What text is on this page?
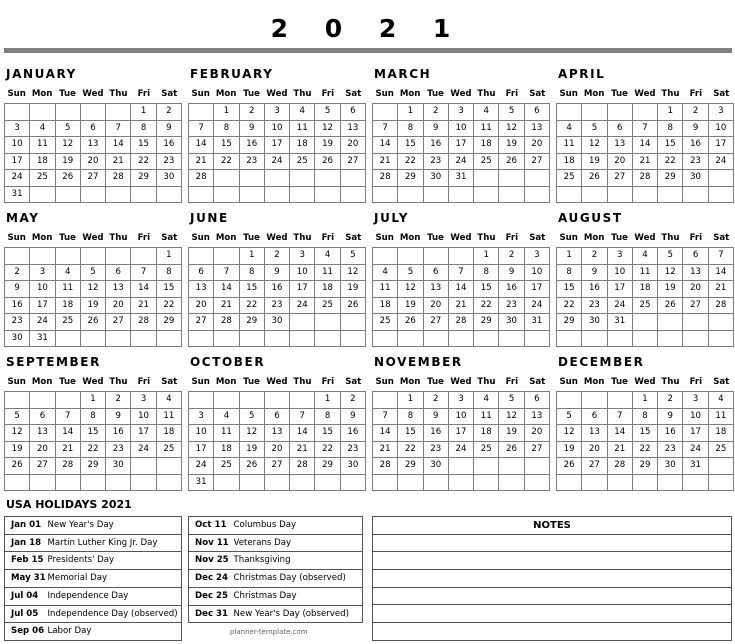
2 0 2 1
JANUARY
Sun Mon Tue Wed Thu	Fri	Sat
					1	2
3	4	5	6	7	8	9
10	11	12	13	14	15	16
17	18	19	20	21	22	23
24	25	26	27	28	29	30
31						
FEBRUARY
Sun Mon Tue Wed Thu	Fri	Sat
	1	2	3	4	5	6
7	8	9	10	11	12	13
14	15	16	17	18	19	20
21	22	23	24	25	26	27
28						

MARCH
Sun Mon Tue Wed Thu	Fri	Sat
	1	2	3	4	5	6
7	8	9	10	11	12	13
14	15	16	17	18	19	20
21	22	23	24	25	26	27
28	29	30	31			

APRIL
Sun Mon Tue Wed Thu	Fri	Sat
				1	2	3
4	5	6	7	8	9	10
11	12	13	14	15	16	17
18	19	20	21	22	23	24
25	26	27	28	29	30	

MAY
Sun Mon Tue Wed Thu	Fri	Sat
						1
2	3	4	5	6	7	8
9	10	11	12	13	14	15
16	17	18	19	20	21	22
23	24	25	26	27	28	29
30	31					
JUNE
Sun Mon Tue Wed Thu	Fri	Sat
		1	2	3	4	5
6	7	8	9	10	11	12
13	14	15	16	17	18	19
20	21	22	23	24	25	26
27	28	29	30			

JULY
Sun Mon Tue Wed Thu	Fri	Sat
				1	2	3
4	5	6	7	8	9	10
11	12	13	14	15	16	17
18	19	20	21	22	23	24
25	26	27	28	29	30	31

AUGUST
Sun Mon Tue Wed Thu	Fri	Sat
1	2	3	4	5	6	7
8	9	10	11	12	13	14
15	16	17	18	19	20	21
22	23	24	25	26	27	28
29	30	31				

SEPTEMBER
Sun Mon Tue Wed Thu	Fri	Sat
			1	2	3	4
5	6	7	8	9	10	11
12	13	14	15	16	17	18
19	20	21	22	23	24	25
26	27	28	29	30		

OCTOBER
Sun Mon Tue Wed Thu	Fri	Sat
					1	2
3	4	5	6	7	8	9
10	11	12	13	14	15	16
17	18	19	20	21	22	23
24	25	26	27	28	29	30
31						
NOVEMBER
Sun Mon Tue Wed Thu	Fri	Sat
	1	2	3	4	5	6
7	8	9	10	11	12	13
14	15	16	17	18	19	20
21	22	23	24	25	26	27
28	29	30				

DECEMBER
Sun Mon Tue Wed Thu	Fri	Sat
			1	2	3	4
5	6	7	8	9	10	11
12	13	14	15	16	17	18
19	20	21	22	23	24	25
26	27	28	29	30	31	

USA HOLIDAYS 2021
Jan 01	New Year's Day
Jan 18	Martin Luther King Jr. Day
Feb 15	Presidents' Day
May 31	Memorial Day
Jul 04	Independence Day
Jul 05	Independence Day (observed)
Sep 06	Labor Day
Oct 11	Columbus Day
Nov 11	Veterans Day
Nov 25	Thanksgiving
Dec 24	Christmas Day (observed)
Dec 25	Christmas Day
Dec 31	New Year's Day (observed)
NOTES

planner-template.com
